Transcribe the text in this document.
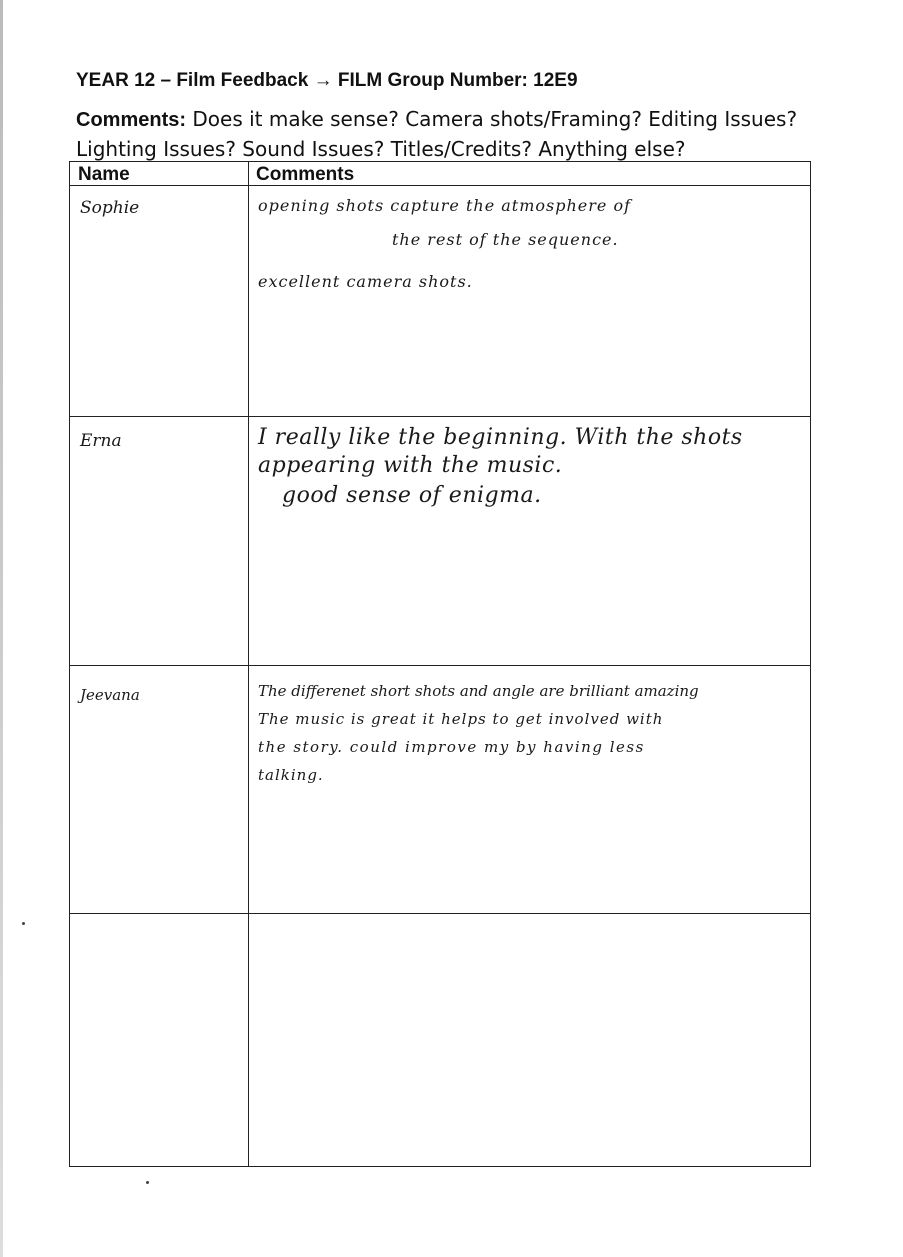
YEAR 12 – Film Feedback → FILM Group Number: 12E9
Comments: Does it make sense? Camera shots/Framing? Editing Issues?
Lighting Issues? Sound Issues? Titles/Credits? Anything else?
Name	Comments
Sophie	opening shots capture the atmosphere of
the rest of the sequence.
excellent camera shots.
Erna	I really like the beginning. With the shots
appearing with the music.
good sense of enigma.
Jeevana	The differenet short shots and angle are brilliant amazing
The music is great it helps to get involved with
the story. could improve my by having less
talking.
